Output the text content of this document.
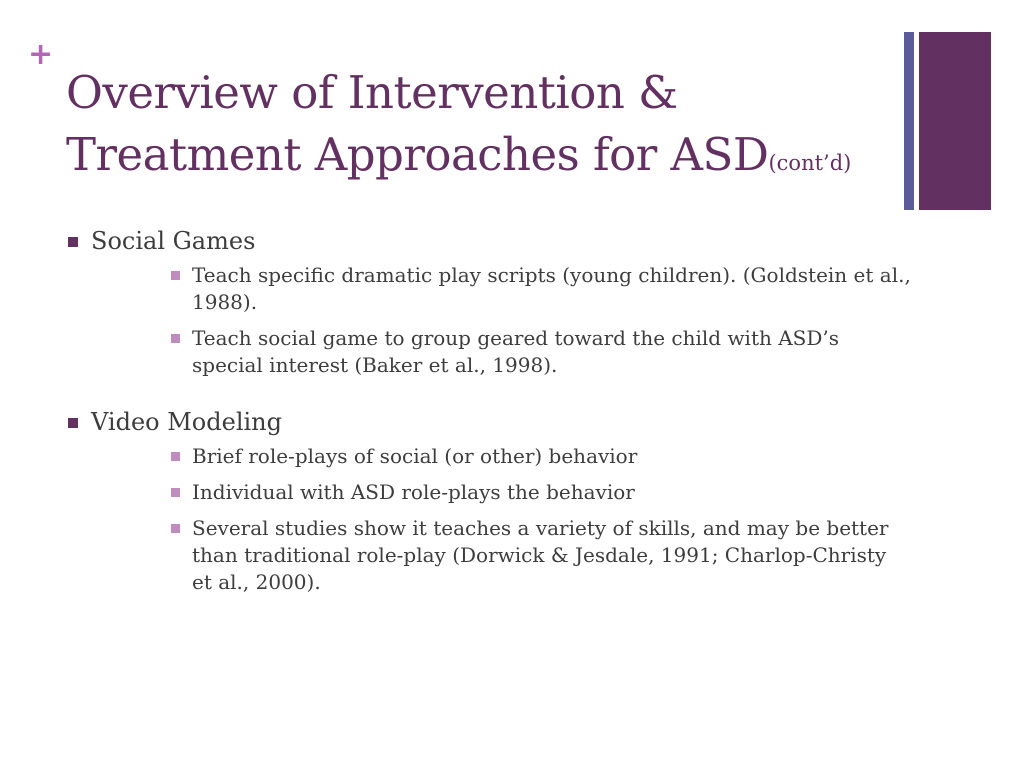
+
Overview of Intervention & Treatment Approaches for ASD(cont’d)
Social Games
Teach specific dramatic play scripts (young children). (Goldstein et al., 1988).
Teach social game to group geared toward the child with ASD’s special interest (Baker et al., 1998).
Video Modeling
Brief role-plays of social (or other) behavior
Individual with ASD role-plays the behavior
Several studies show it teaches a variety of skills, and may be better than traditional role-play (Dorwick & Jesdale, 1991; Charlop-Christy et al., 2000).
